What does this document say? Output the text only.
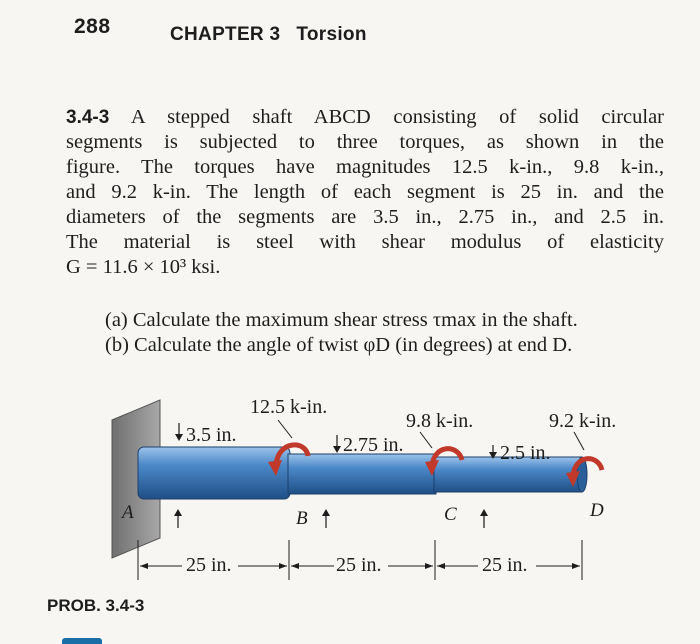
288	CHAPTER 3 Torsion
3.4-3 A stepped shaft ABCD consisting of solid circular
segments is subjected to three torques, as shown in the
figure. The torques have magnitudes 12.5 k-in., 9.8 k-in.,
and 9.2 k-in. The length of each segment is 25 in. and the
diameters of the segments are 3.5 in., 2.75 in., and 2.5 in.
The material is steel with shear modulus of elasticity
G = 11.6 × 10³ ksi.
(a) Calculate the maximum shear stress τmax in the shaft.
(b) Calculate the angle of twist φD (in degrees) at end D.
12.5 k-in.
9.8 k-in.	9.2 k-in.
3.5 in.	2.75 in.	2.5 in.
A	B	C	D
25 in.	25 in.	25 in.
PROB. 3.4-3
